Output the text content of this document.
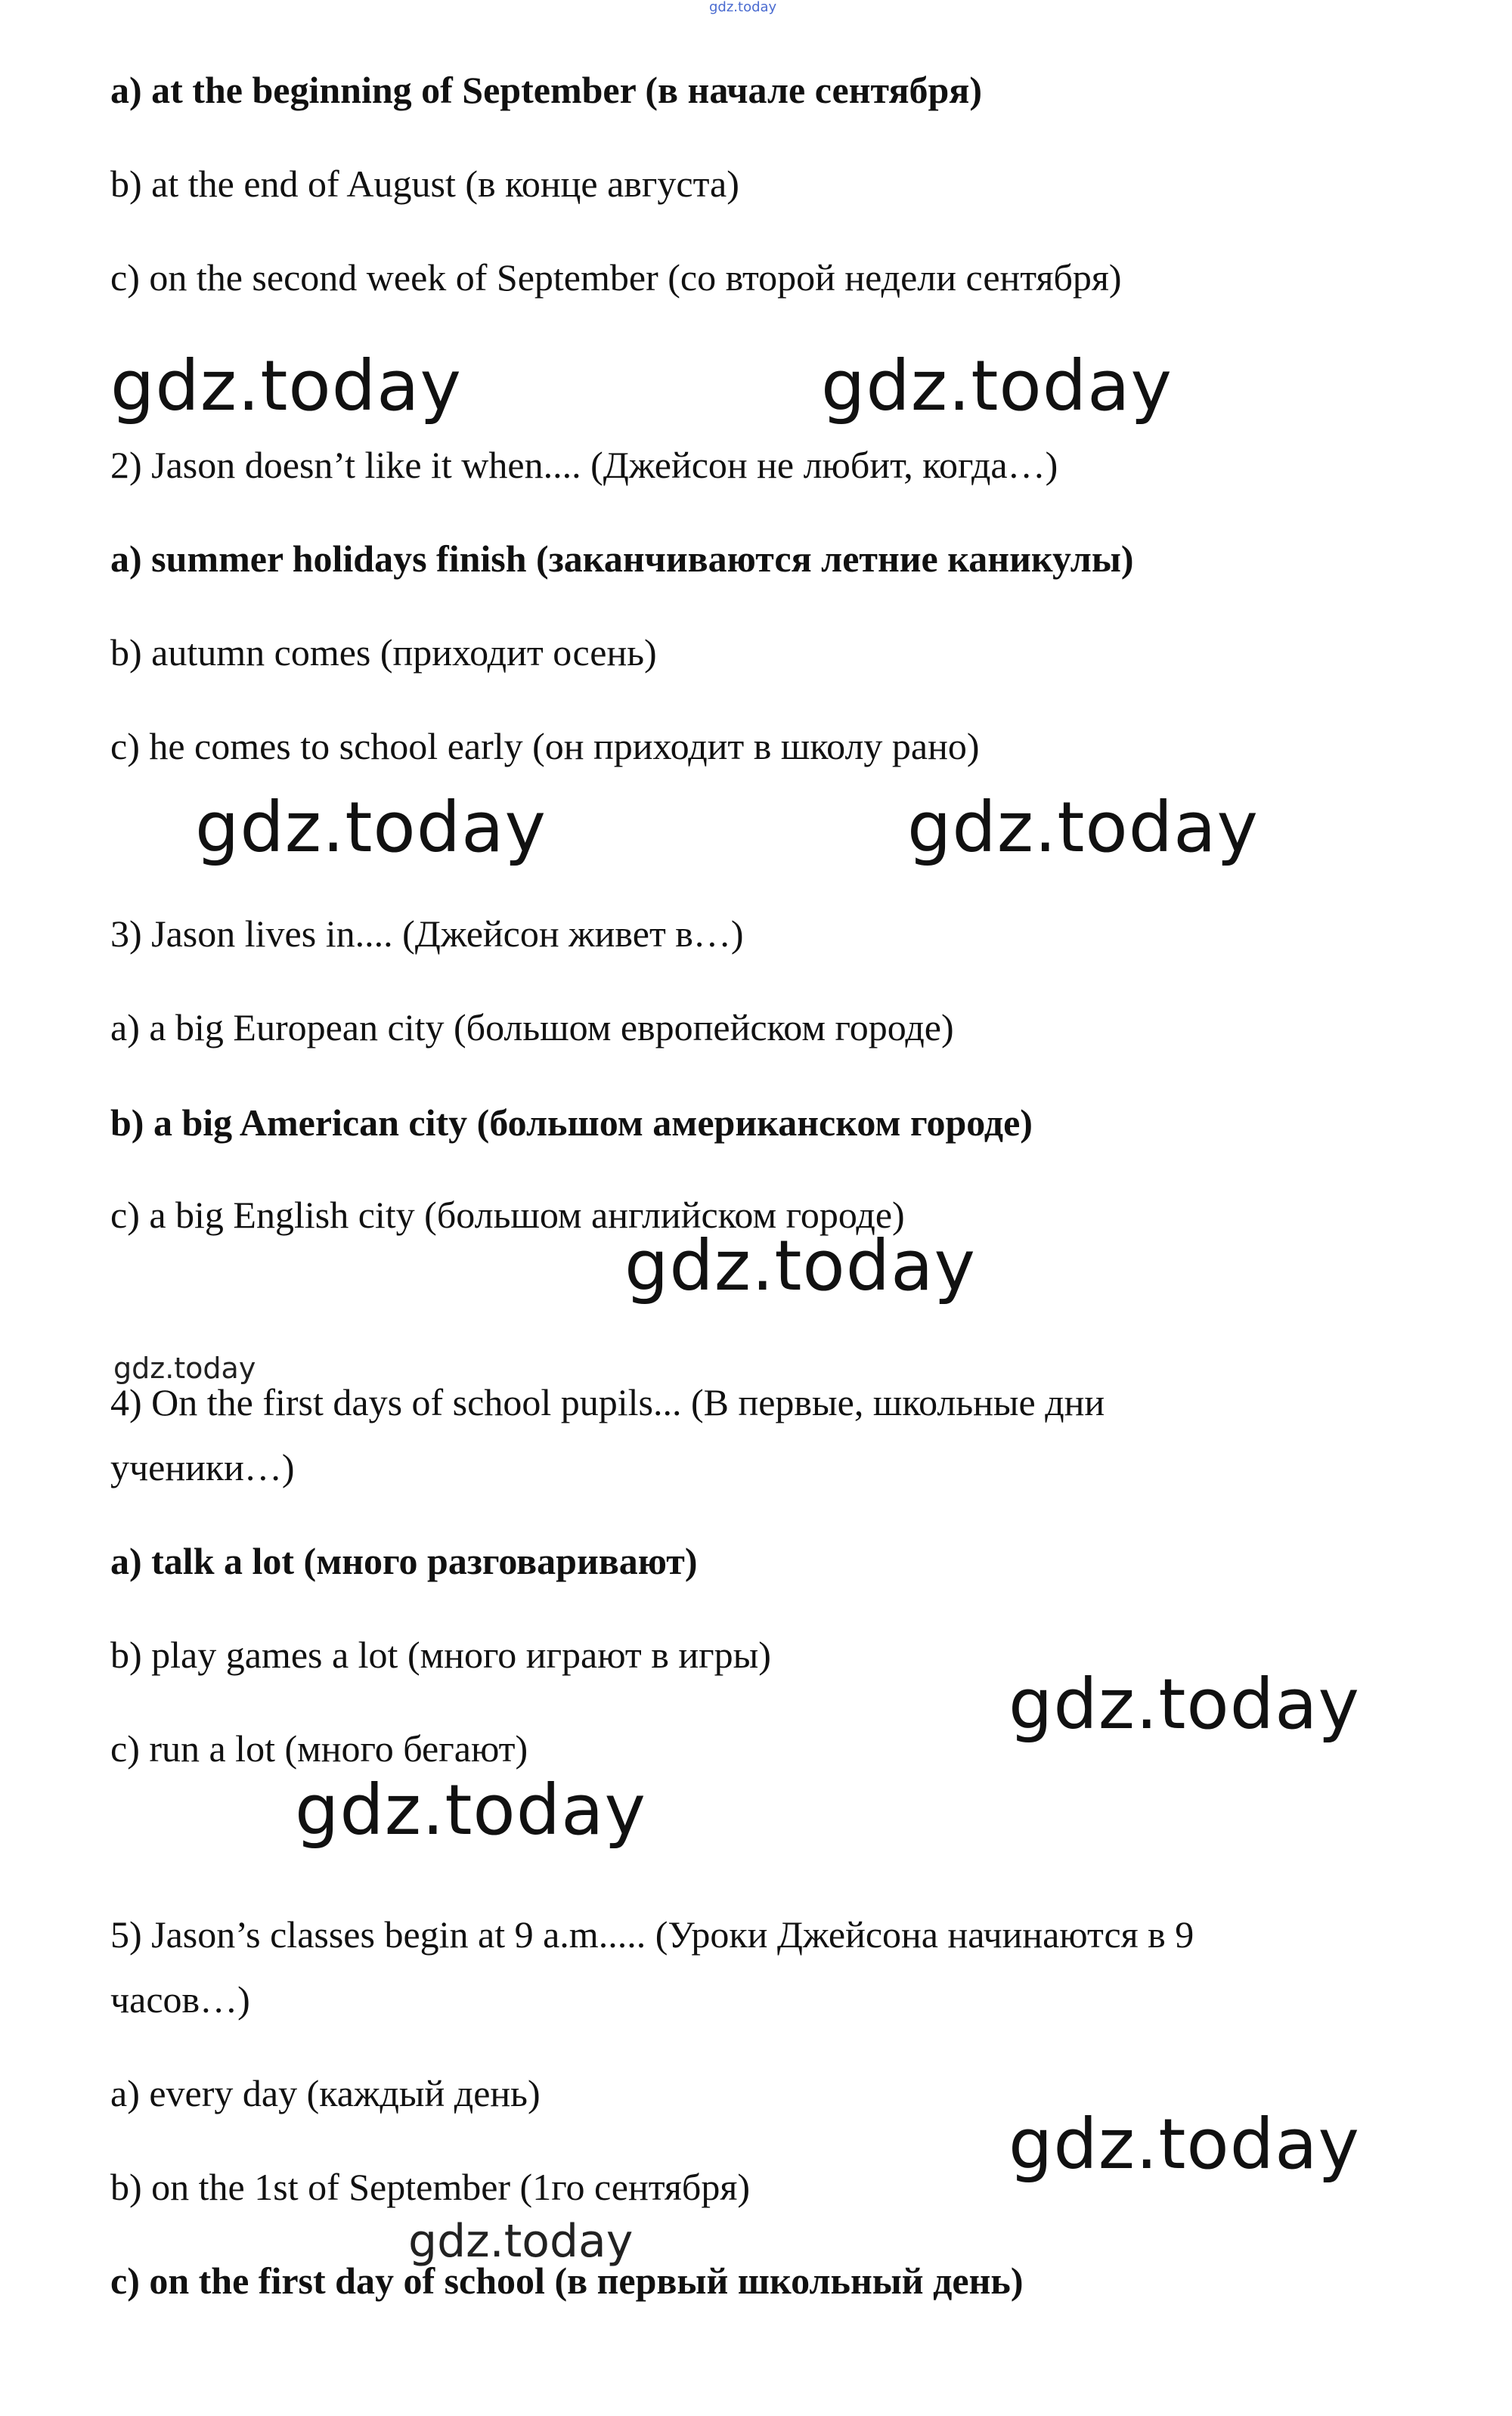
gdz.today
a) at the beginning of September (в начале сентября)
b) at the end of August (в конце августа)
c) on the second week of September (со второй недели сентября)
gdz.today	gdz.today
2) Jason doesn’t like it when.... (Джейсон не любит, когда…)
a) summer holidays finish (заканчиваются летние каникулы)
b) autumn comes (приходит осень)
c) he comes to school early (он приходит в школу рано)
gdz.today	gdz.today
3) Jason lives in.... (Джейсон живет в…)
a) a big European city (большом европейском городе)
b) a big American city (большом американском городе)
c) a big English city (большом английском городе)
gdz.today
gdz.today
4) On the first days of school pupils... (В первые, школьные дни
ученики…)
a) talk a lot (много разговаривают)
b) play games a lot (много играют в игры)
c) run a lot (много бегают)
gdz.today
gdz.today
5) Jason’s classes begin at 9 a.m..... (Уроки Джейсона начинаются в 9
часов…)
a) every day (каждый день)
b) on the 1st of September (1го сентября)
gdz.today
gdz.today
c) on the first day of school (в первый школьный день)
